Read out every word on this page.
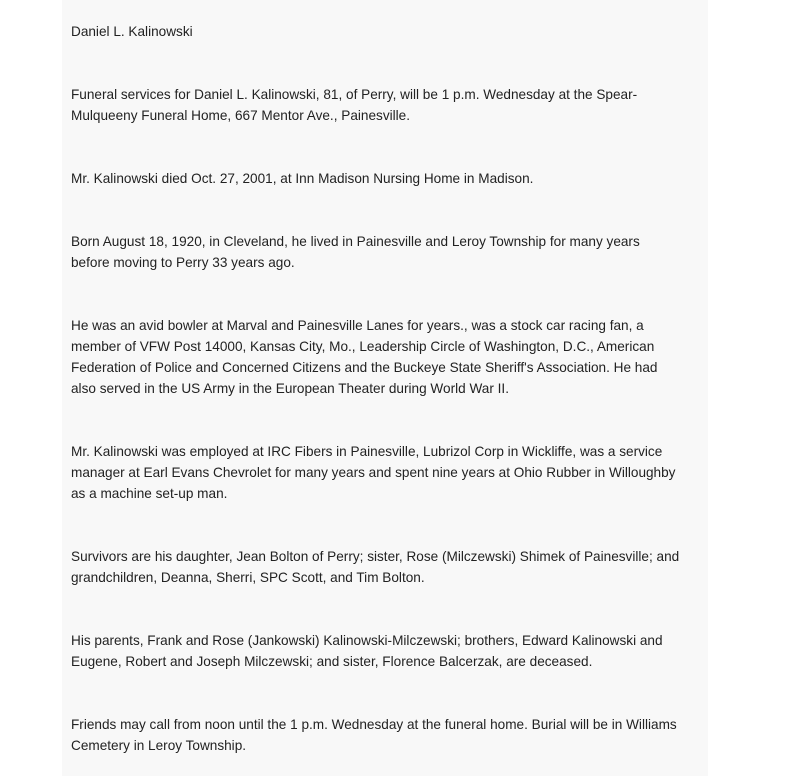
Daniel L. Kalinowski

Funeral services for Daniel L. Kalinowski, 81, of Perry, will be 1 p.m. Wednesday at the Spear-Mulqueeny Funeral Home, 667 Mentor Ave., Painesville.

Mr. Kalinowski died Oct. 27, 2001, at Inn Madison Nursing Home in Madison.

Born August 18, 1920, in Cleveland, he lived in Painesville and Leroy Township for many years before moving to Perry 33 years ago.

He was an avid bowler at Marval and Painesville Lanes for years., was a stock car racing fan, a member of VFW Post 14000, Kansas City, Mo., Leadership Circle of Washington, D.C., American Federation of Police and Concerned Citizens and the Buckeye State Sheriff's Association. He had also served in the US Army in the European Theater during World War II.

Mr. Kalinowski was employed at IRC Fibers in Painesville, Lubrizol Corp in Wickliffe, was a service manager at Earl Evans Chevrolet for many years and spent nine years at Ohio Rubber in Willoughby as a machine set-up man.

Survivors are his daughter, Jean Bolton of Perry; sister, Rose (Milczewski) Shimek of Painesville; and grandchildren, Deanna, Sherri, SPC Scott, and Tim Bolton.

His parents, Frank and Rose (Jankowski) Kalinowski-Milczewski; brothers, Edward Kalinowski and Eugene, Robert and Joseph Milczewski; and sister, Florence Balcerzak, are deceased.

Friends may call from noon until the 1 p.m. Wednesday at the funeral home. Burial will be in Williams Cemetery in Leroy Township.
